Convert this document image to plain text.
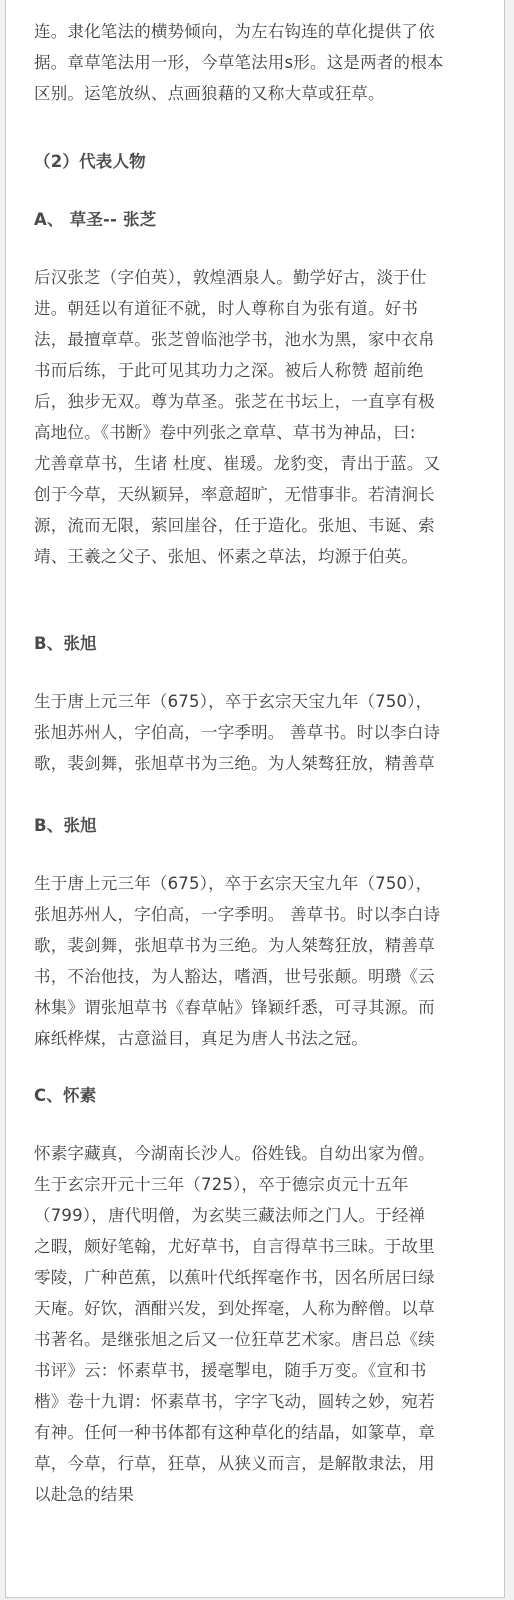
连。隶化笔法的横势倾向，为左右钩连的草化提供了依
据。章草笔法用一形，今草笔法用s形。这是两者的根本
区别。运笔放纵、点画狼藉的又称大草或狂草。
（2）代表人物
A、 草圣-- 张芝
后汉张芝（字伯英），敦煌酒泉人。勤学好古，淡于仕
进。朝廷以有道征不就，时人尊称自为张有道。好书
法，最擅章草。张芝曾临池学书，池水为黑，家中衣帛
书而后练，于此可见其功力之深。被后人称赞 超前绝
后，独步无双。尊为草圣。张芝在书坛上，一直享有极
高地位。《书断》卷中列张之章草、草书为神品，曰:
尤善章草书，生诸 杜度、崔瑗。龙豹变，青出于蓝。又
创于今草，天纵颖异，率意超旷，无惜事非。若清涧长
源，流而无限，萦回崖谷，任于造化。张旭、韦诞、索
靖、王羲之父子、张旭、怀素之草法，均源于伯英。
B、张旭
生于唐上元三年（675），卒于玄宗天宝九年（750），
张旭苏州人，字伯高，一字季明。 善草书。时以李白诗
歌，裴剑舞，张旭草书为三绝。为人桀骜狂放，精善草
B、张旭
生于唐上元三年（675），卒于玄宗天宝九年（750），
张旭苏州人，字伯高，一字季明。 善草书。时以李白诗
歌，裴剑舞，张旭草书为三绝。为人桀骜狂放，精善草
书，不治他技，为人豁达，嗜酒，世号张颠。明瓒《云
林集》谓张旭草书《春草帖》锋颖纤悉，可寻其源。而
麻纸桦煤，古意溢目，真足为唐人书法之冠。
C、怀素
怀素字藏真，今湖南长沙人。俗姓钱。自幼出家为僧。
生于玄宗开元十三年（725），卒于德宗贞元十五年
（799），唐代明僧，为玄奘三藏法师之门人。于经禅
之暇，颇好笔翰，尤好草书，自言得草书三昧。于故里
零陵，广种芭蕉，以蕉叶代纸挥毫作书，因名所居曰绿
天庵。好饮，酒酣兴发，到处挥毫，人称为醉僧。以草
书著名。是继张旭之后又一位狂草艺术家。唐吕总《续
书评》云：怀素草书，援毫掣电，随手万变。《宣和书
楷》卷十九谓：怀素草书，字字飞动，圆转之妙，宛若
有神。任何一种书体都有这种草化的结晶，如篆草，章
草，今草，行草，狂草，从狭义而言，是解散隶法，用
以赴急的结果
